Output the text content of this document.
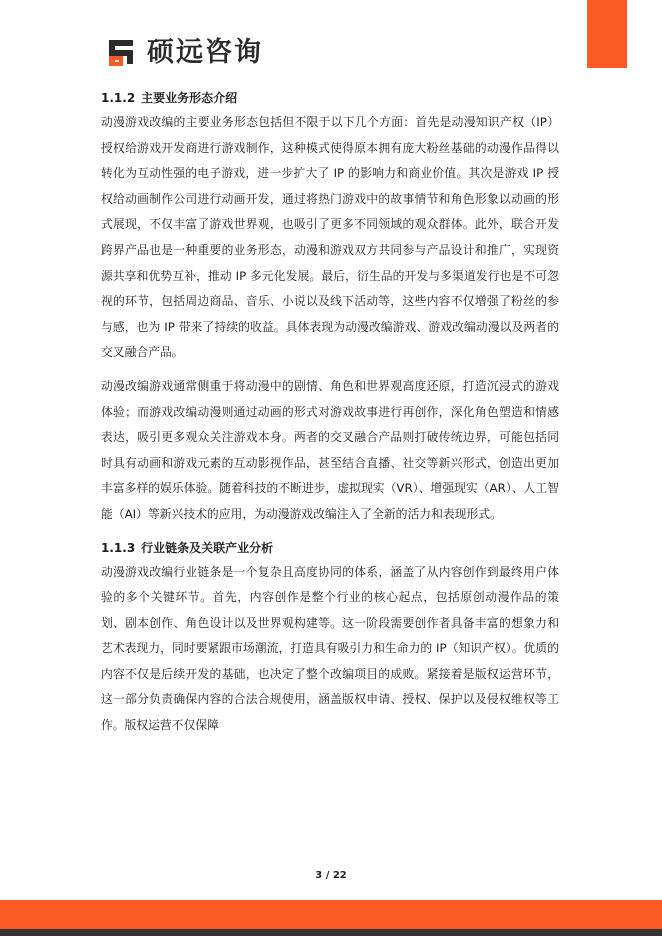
硕远咨询
1.1.2 主要业务形态介绍

动漫游戏改编的主要业务形态包括但不限于以下几个方面：首先是动漫知识产权（IP）授权给游戏开发商进行游戏制作，这种模式使得原本拥有庞大粉丝基础的动漫作品得以转化为互动性强的电子游戏，进一步扩大了 IP 的影响力和商业价值。其次是游戏 IP 授权给动画制作公司进行动画开发，通过将热门游戏中的故事情节和角色形象以动画的形式展现，不仅丰富了游戏世界观，也吸引了更多不同领域的观众群体。此外，联合开发跨界产品也是一种重要的业务形态，动漫和游戏双方共同参与产品设计和推广，实现资源共享和优势互补，推动 IP 多元化发展。最后，衍生品的开发与多渠道发行也是不可忽视的环节，包括周边商品、音乐、小说以及线下活动等，这些内容不仅增强了粉丝的参与感，也为 IP 带来了持续的收益。具体表现为动漫改编游戏、游戏改编动漫以及两者的交叉融合产品。

动漫改编游戏通常侧重于将动漫中的剧情、角色和世界观高度还原，打造沉浸式的游戏体验；而游戏改编动漫则通过动画的形式对游戏故事进行再创作，深化角色塑造和情感表达，吸引更多观众关注游戏本身。两者的交叉融合产品则打破传统边界，可能包括同时具有动画和游戏元素的互动影视作品，甚至结合直播、社交等新兴形式，创造出更加丰富多样的娱乐体验。随着科技的不断进步，虚拟现实（VR）、增强现实（AR）、人工智能（AI）等新兴技术的应用，为动漫游戏改编注入了全新的活力和表现形式。

1.1.3 行业链条及关联产业分析

动漫游戏改编行业链条是一个复杂且高度协同的体系，涵盖了从内容创作到最终用户体验的多个关键环节。首先，内容创作是整个行业的核心起点，包括原创动漫作品的策划、剧本创作、角色设计以及世界观构建等。这一阶段需要创作者具备丰富的想象力和艺术表现力，同时要紧跟市场潮流，打造具有吸引力和生命力的 IP（知识产权）。优质的内容不仅是后续开发的基础，也决定了整个改编项目的成败。紧接着是版权运营环节，这一部分负责确保内容的合法合规使用，涵盖版权申请、授权、保护以及侵权维权等工作。版权运营不仅保障

3 / 22
